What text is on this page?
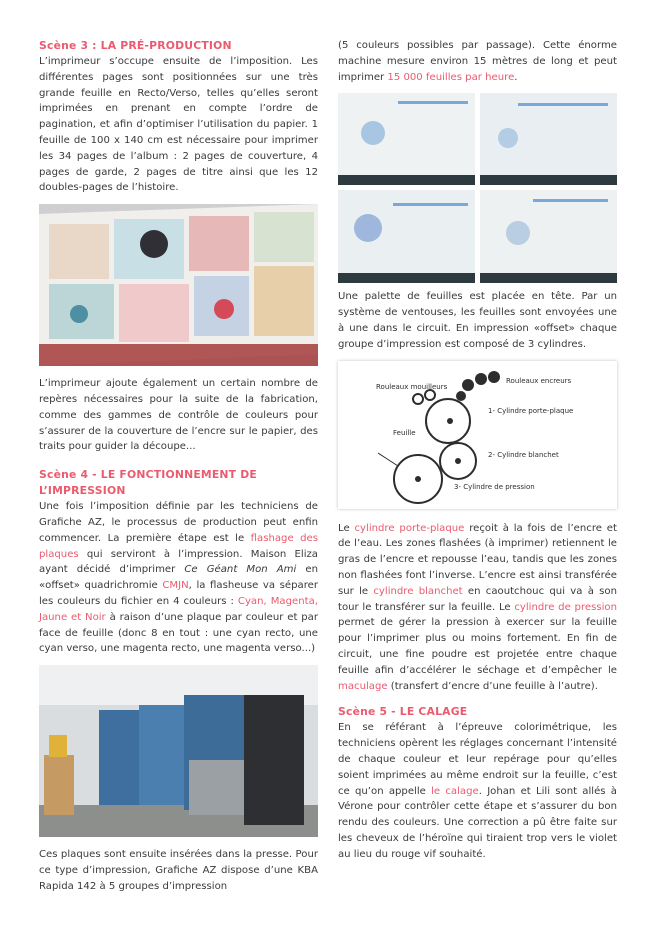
Scène 3 : LA PRÉ-PRODUCTION

L’imprimeur s’occupe ensuite de l’imposition. Les différentes pages sont positionnées sur une très grande feuille en Recto/Verso, telles qu’elles seront imprimées en prenant en compte l’ordre de pagination, et afin d’optimiser l’utilisation du papier. 1 feuille de 100 x 140 cm est nécessaire pour imprimer les 34 pages de l’album : 2 pages de couverture, 4 pages de garde, 2 pages de titre ainsi que les 12 doubles-pages de l’histoire.

L’imprimeur ajoute également un certain nombre de repères nécessaires pour la suite de la fabrication, comme des gammes de contrôle de couleurs pour s’assurer de la couverture de l’encre sur le papier, des traits pour guider la découpe...

Scène 4 - LE FONCTIONNEMENT DE L’IMPRESSION

Une fois l’imposition définie par les techniciens de Grafiche AZ, le processus de production peut enfin commencer. La première étape est le flashage des plaques qui serviront à l’impression. Maison Eliza ayant décidé d’imprimer Ce Géant Mon Ami en «offset» quadrichromie CMJN, la flasheuse va séparer les couleurs du fichier en 4 couleurs : Cyan, Magenta, Jaune et Noir à raison d’une plaque par couleur et par face de feuille (donc 8 en tout : une cyan recto, une cyan verso, une magenta recto, une magenta verso...)

Ces plaques sont ensuite insérées dans la presse. Pour ce type d’impression, Grafiche AZ dispose d’une KBA Rapida 142 à 5 groupes d’impression

(5 couleurs possibles par passage). Cette énorme machine mesure environ 15 mètres de long et peut imprimer 15 000 feuilles par heure.

Une palette de feuilles est placée en tête. Par un système de ventouses, les feuilles sont envoyées une à une dans le circuit. En impression «offset» chaque groupe d’impression est composé de 3 cylindres.

Rouleaux mouilleurs
Rouleaux encreurs
1- Cylindre porte-plaque
Feuille
2- Cylindre blanchet
3- Cylindre de pression

Le cylindre porte-plaque reçoit à la fois de l’encre et de l’eau. Les zones flashées (à imprimer) retiennent le gras de l’encre et repousse l’eau, tandis que les zones non flashées font l’inverse. L’encre est ainsi transférée sur le cylindre blanchet en caoutchouc qui va à son tour le transférer sur la feuille. Le cylindre de pression permet de gérer la pression à exercer sur la feuille pour l’imprimer plus ou moins fortement. En fin de circuit, une fine poudre est projetée entre chaque feuille afin d’accélérer le séchage et d’empêcher le maculage (transfert d’encre d’une feuille à l’autre).

Scène 5 - LE CALAGE

En se référant à l’épreuve colorimétrique, les techniciens opèrent les réglages concernant l’intensité de chaque couleur et leur repérage pour qu’elles soient imprimées au même endroit sur la feuille, c’est ce qu’on appelle le calage. Johan et Lili sont allés à Vérone pour contrôler cette étape et s’assurer du bon rendu des couleurs. Une correction a pû être faite sur les cheveux de l’héroïne qui tiraient trop vers le violet au lieu du rouge vif souhaité.
